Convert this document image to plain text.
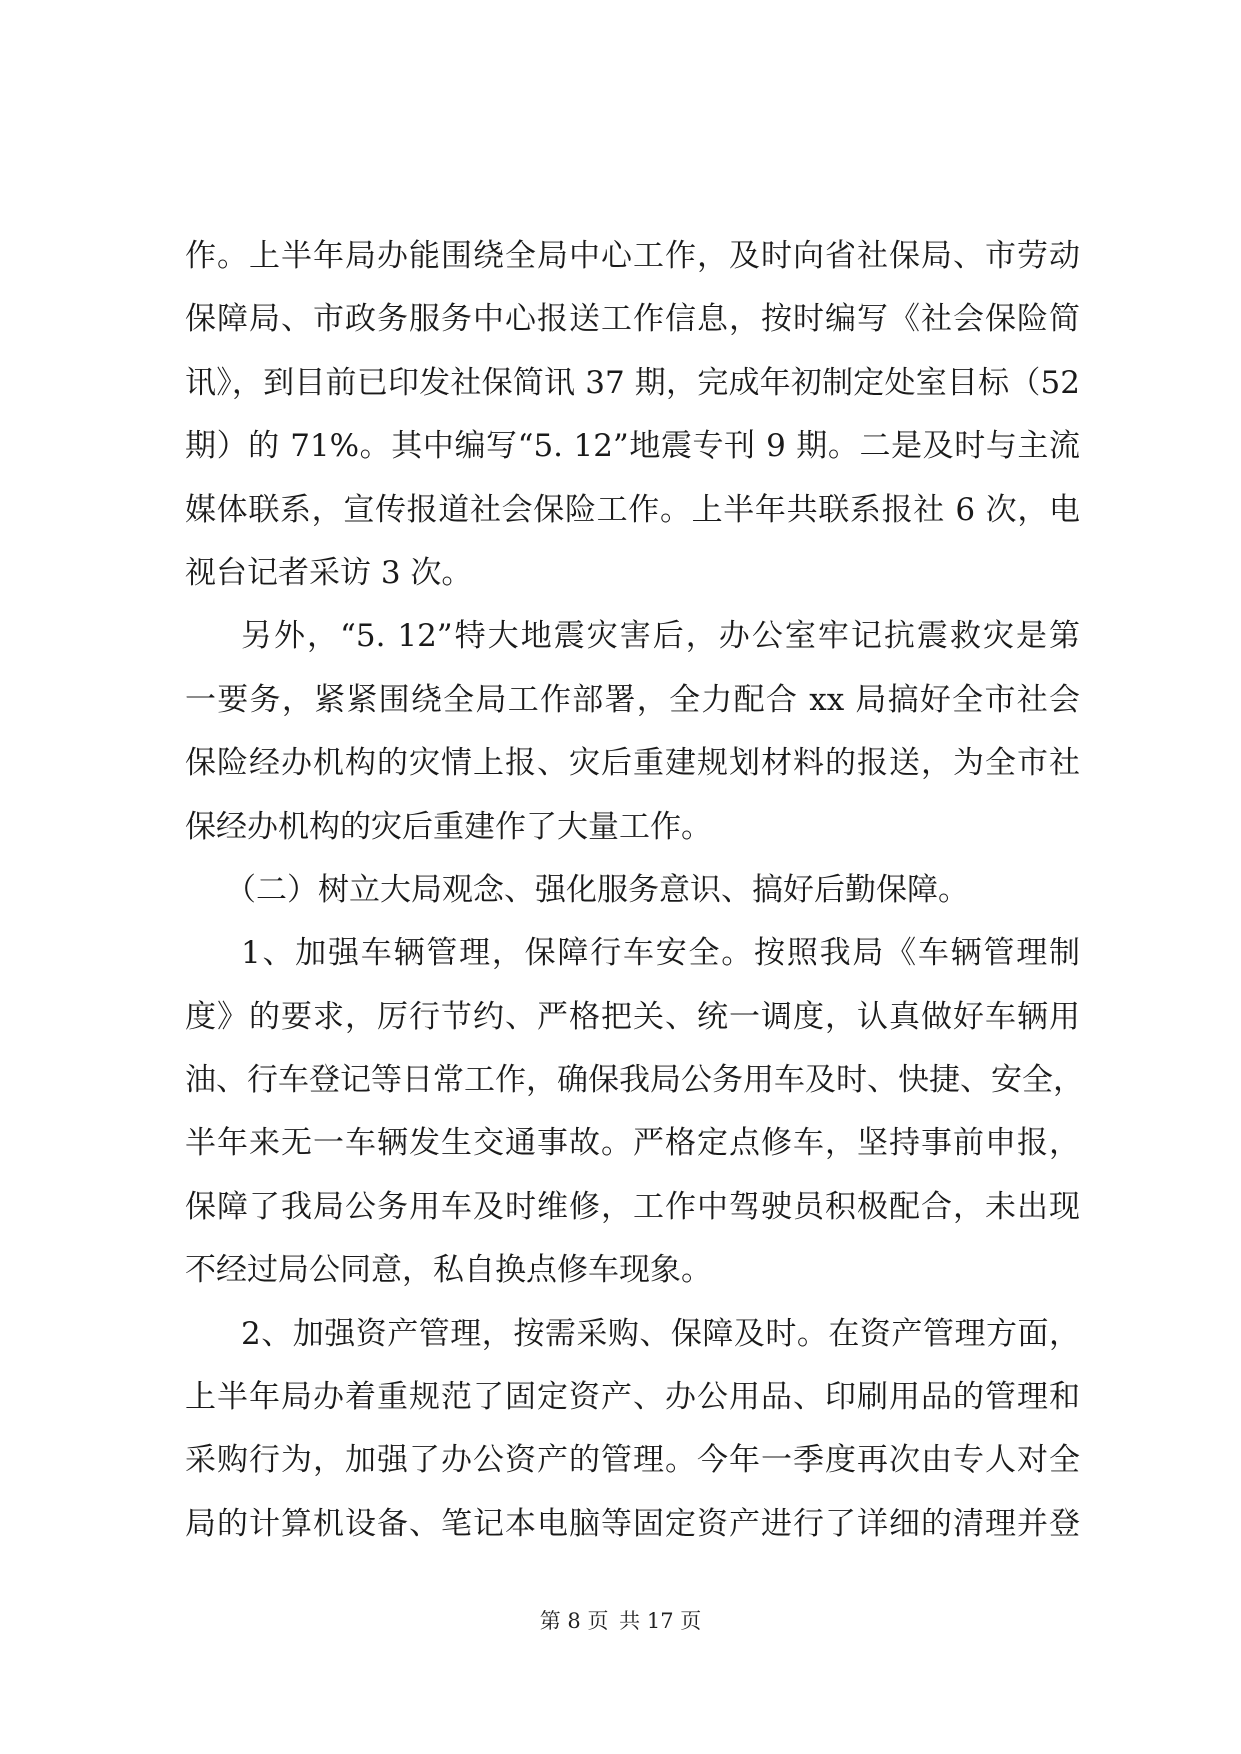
作。上半年局办能围绕全局中心工作，及时向省社保局、市劳动
保障局、市政务服务中心报送工作信息，按时编写《社会保险简
讯》，到目前已印发社保简讯 37 期，完成年初制定处室目标（52
期）的 71%。其中编写“5. 12”地震专刊 9 期。二是及时与主流
媒体联系，宣传报道社会保险工作。上半年共联系报社 6 次，电
视台记者采访 3 次。
另外，“5. 12”特大地震灾害后，办公室牢记抗震救灾是第
一要务，紧紧围绕全局工作部署，全力配合 xx 局搞好全市社会
保险经办机构的灾情上报、灾后重建规划材料的报送，为全市社
保经办机构的灾后重建作了大量工作。
（二）树立大局观念、强化服务意识、搞好后勤保障。
1、加强车辆管理，保障行车安全。按照我局《车辆管理制
度》的要求，厉行节约、严格把关、统一调度，认真做好车辆用
油、行车登记等日常工作，确保我局公务用车及时、快捷、安全，
半年来无一车辆发生交通事故。严格定点修车，坚持事前申报，
保障了我局公务用车及时维修，工作中驾驶员积极配合，未出现
不经过局公同意，私自换点修车现象。
2、加强资产管理，按需采购、保障及时。在资产管理方面，
上半年局办着重规范了固定资产、办公用品、印刷用品的管理和
采购行为，加强了办公资产的管理。今年一季度再次由专人对全
局的计算机设备、笔记本电脑等固定资产进行了详细的清理并登
第 8 页 共 17 页
